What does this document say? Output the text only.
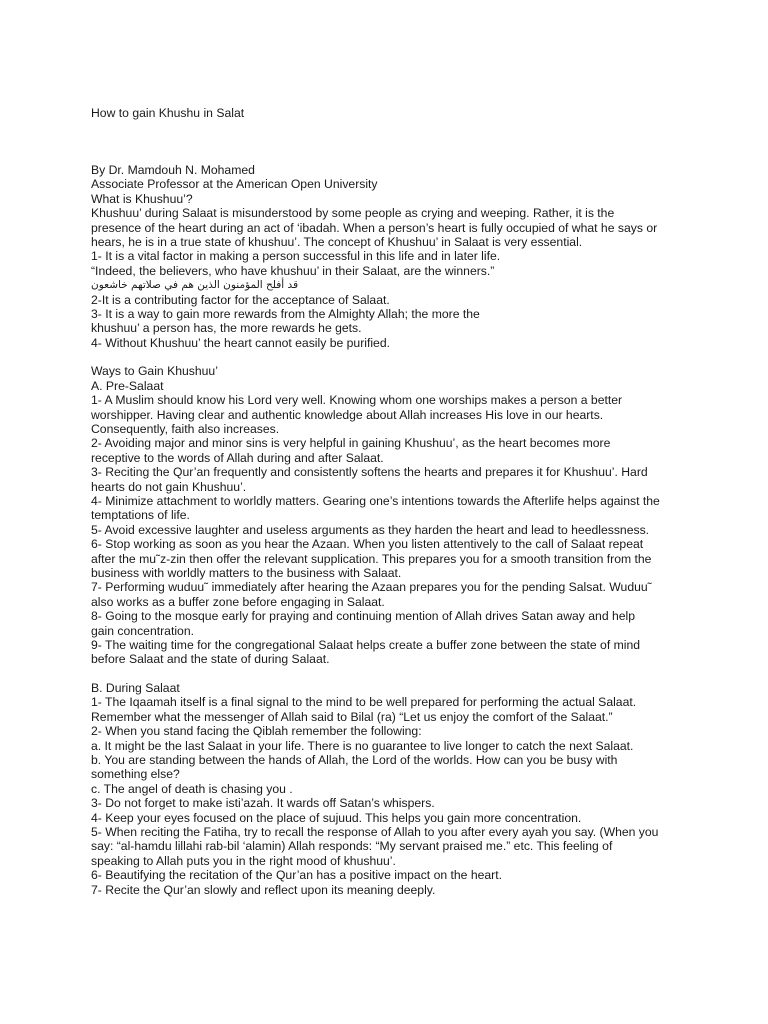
How to gain Khushu in Salat
By Dr. Mamdouh N. Mohamed
Associate Professor at the American Open University
What is Khushuu’?
Khushuu’ during Salaat is misunderstood by some people as crying and weeping. Rather, it is the
presence of the heart during an act of ‘ibadah. When a person’s heart is fully occupied of what he says or
hears, he is in a true state of khushuu’. The concept of Khushuu’ in Salaat is very essential.
1- It is a vital factor in making a person successful in this life and in later life.
“Indeed, the believers, who have khushuu’ in their Salaat, are the winners.”
قد أفلح المؤمنون الذين هم في صلاتهم خاشعون
2-It is a contributing factor for the acceptance of Salaat.
3- It is a way to gain more rewards from the Almighty Allah; the more the
khushuu’ a person has, the more rewards he gets.
4- Without Khushuu’ the heart cannot easily be purified.
Ways to Gain Khushuu’
A. Pre-Salaat
1- A Muslim should know his Lord very well. Knowing whom one worships makes a person a better
worshipper. Having clear and authentic knowledge about Allah increases His love in our hearts.
Consequently, faith also increases.
2- Avoiding major and minor sins is very helpful in gaining Khushuu’, as the heart becomes more
receptive to the words of Allah during and after Salaat.
3- Reciting the Qur’an frequently and consistently softens the hearts and prepares it for Khushuu’. Hard
hearts do not gain Khushuu’.
4- Minimize attachment to worldly matters. Gearing one’s intentions towards the Afterlife helps against the
temptations of life.
5- Avoid excessive laughter and useless arguments as they harden the heart and lead to heedlessness.
6- Stop working as soon as you hear the Azaan. When you listen attentively to the call of Salaat repeat
after the mu˜z-zin then offer the relevant supplication. This prepares you for a smooth transition from the
business with worldly matters to the business with Salaat.
7- Performing wuduu˜ immediately after hearing the Azaan prepares you for the pending Salsat. Wuduu˜
also works as a buffer zone before engaging in Salaat.
8- Going to the mosque early for praying and continuing mention of Allah drives Satan away and help
gain concentration.
9- The waiting time for the congregational Salaat helps create a buffer zone between the state of mind
before Salaat and the state of during Salaat.
B. During Salaat
1- The Iqaamah itself is a final signal to the mind to be well prepared for performing the actual Salaat.
Remember what the messenger of Allah said to Bilal (ra) “Let us enjoy the comfort of the Salaat.”
2- When you stand facing the Qiblah remember the following:
a. It might be the last Salaat in your life. There is no guarantee to live longer to catch the next Salaat.
b. You are standing between the hands of Allah, the Lord of the worlds. How can you be busy with
something else?
c. The angel of death is chasing you .
3- Do not forget to make isti’azah. It wards off Satan’s whispers.
4- Keep your eyes focused on the place of sujuud. This helps you gain more concentration.
5- When reciting the Fatiha, try to recall the response of Allah to you after every ayah you say. (When you
say: “al-hamdu lillahi rab-bil ‘alamin) Allah responds: “My servant praised me.” etc. This feeling of
speaking to Allah puts you in the right mood of khushuu’.
6- Beautifying the recitation of the Qur’an has a positive impact on the heart.
7- Recite the Qur’an slowly and reflect upon its meaning deeply.
